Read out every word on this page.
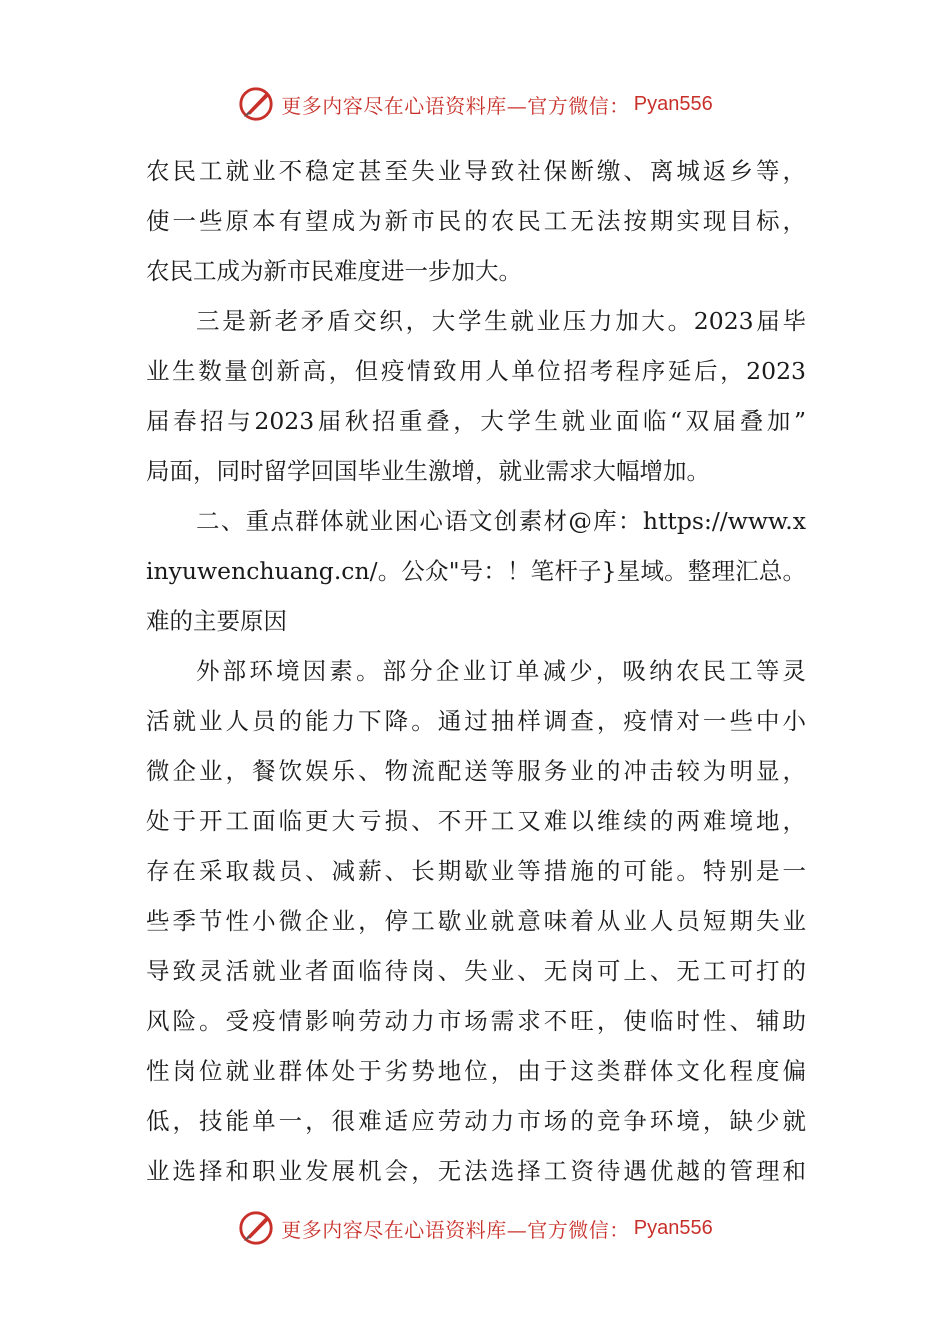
更多内容尽在心语资料库—官方微信： Pyan556
农民工就业不稳定甚至失业导致社保断缴、离城返乡等，
使一些原本有望成为新市民的农民工无法按期实现目标，
农民工成为新市民难度进一步加大。
三是新老矛盾交织，大学生就业压力加大。2023届毕
业生数量创新高，但疫情致用人单位招考程序延后，2023
届春招与2023届秋招重叠，大学生就业面临“双届叠加”
局面，同时留学回国毕业生激增，就业需求大幅增加。
二、重点群体就业困心语文创素材@库：https://www.x
inyuwenchuang.cn/。公众"号：！笔杆子}星域。整理汇总。
难的主要原因
外部环境因素。部分企业订单减少，吸纳农民工等灵
活就业人员的能力下降。通过抽样调查，疫情对一些中小
微企业，餐饮娱乐、物流配送等服务业的冲击较为明显，
处于开工面临更大亏损、不开工又难以维续的两难境地，
存在采取裁员、减薪、长期歇业等措施的可能。特别是一
些季节性小微企业，停工歇业就意味着从业人员短期失业
导致灵活就业者面临待岗、失业、无岗可上、无工可打的
风险。受疫情影响劳动力市场需求不旺，使临时性、辅助
性岗位就业群体处于劣势地位，由于这类群体文化程度偏
低，技能单一，很难适应劳动力市场的竞争环境，缺少就
业选择和职业发展机会，无法选择工资待遇优越的管理和
更多内容尽在心语资料库—官方微信： Pyan556
